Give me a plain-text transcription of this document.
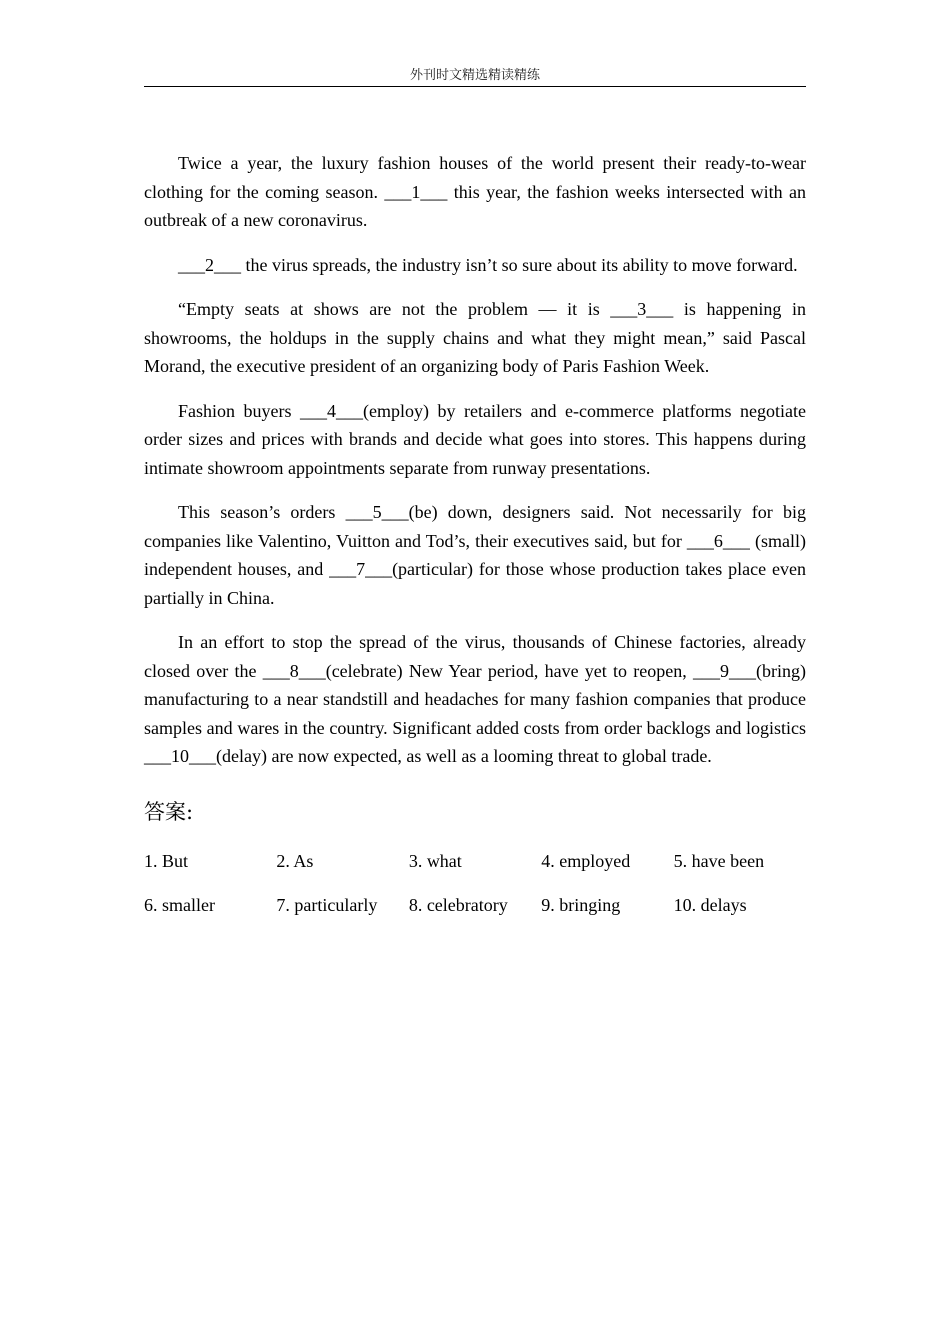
外刊时文精选精读精练

Twice a year, the luxury fashion houses of the world present their ready-to-wear clothing for the coming season. ___1___ this year, the fashion weeks intersected with an outbreak of a new coronavirus.

___2___ the virus spreads, the industry isn’t so sure about its ability to move forward.

“Empty seats at shows are not the problem — it is ___3___ is happening in showrooms, the holdups in the supply chains and what they might mean,” said Pascal Morand, the executive president of an organizing body of Paris Fashion Week.

Fashion buyers ___4___(employ) by retailers and e-commerce platforms negotiate order sizes and prices with brands and decide what goes into stores. This happens during intimate showroom appointments separate from runway presentations.

This season’s orders ___5___(be) down, designers said. Not necessarily for big companies like Valentino, Vuitton and Tod’s, their executives said, but for ___6___ (small) independent houses, and ___7___(particular) for those whose production takes place even partially in China.

In an effort to stop the spread of the virus, thousands of Chinese factories, already closed over the ___8___(celebrate) New Year period, have yet to reopen, ___9___(bring) manufacturing to a near standstill and headaches for many fashion companies that produce samples and wares in the country. Significant added costs from order backlogs and logistics ___10___(delay) are now expected, as well as a looming threat to global trade.

答案:
1. But	2. As	3. what	4. employed	5. have been
6. smaller	7. particularly	8. celebratory	9. bringing	10. delays
